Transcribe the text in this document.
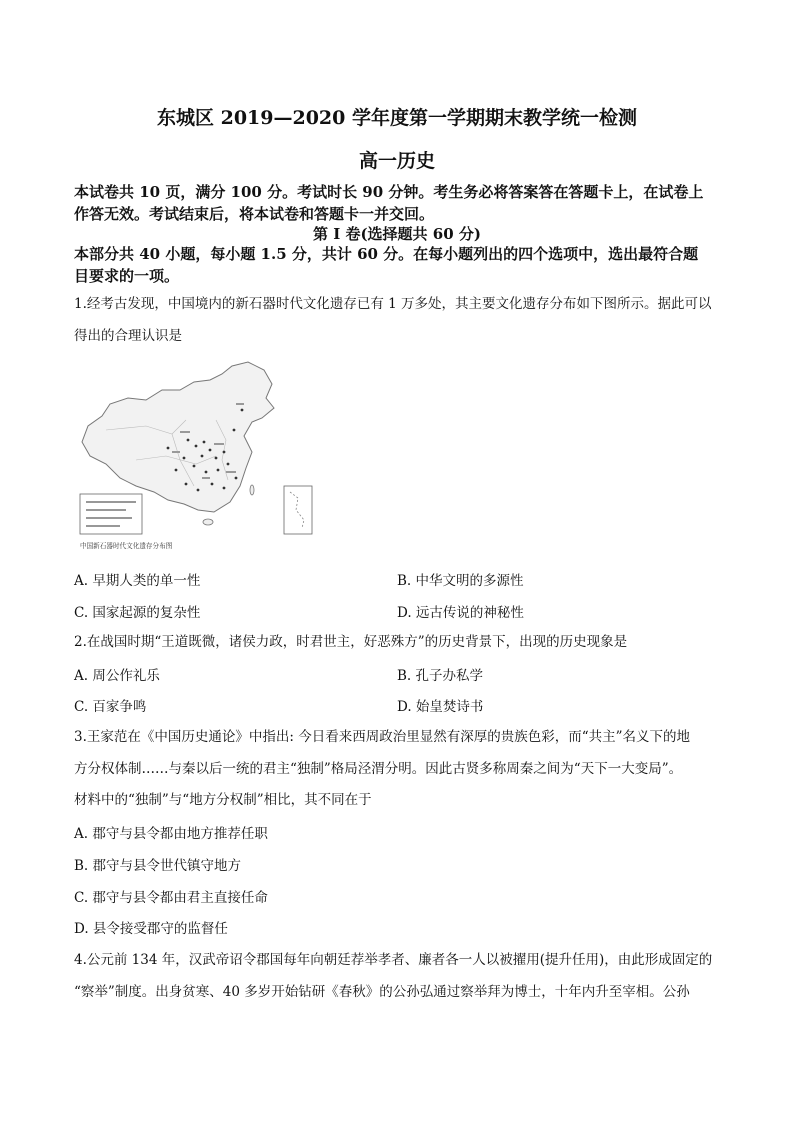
东城区 2019—2020 学年度第一学期期末教学统一检测
高一历史
本试卷共 10 页，满分 100 分。考试时长 90 分钟。考生务必将答案答在答题卡上，在试卷上
作答无效。考试结束后，将本试卷和答题卡一并交回。
第 I 卷(选择题共 60 分)
本部分共 40 小题，每小题 1.5 分，共计 60 分。在每小题列出的四个选项中，选出最符合题
目要求的一项。
1.经考古发现，中国境内的新石器时代文化遗存已有 1 万多处，其主要文化遗存分布如下图所示。据此可以
得出的合理认识是
中国新石器时代文化遗存分布图
A. 早期人类的单一性	B. 中华文明的多源性
C. 国家起源的复杂性	D. 远古传说的神秘性
2.在战国时期“王道既微，诸侯力政，时君世主，好恶殊方”的历史背景下，出现的历史现象是
A. 周公作礼乐	B. 孔子办私学
C. 百家争鸣	D. 始皇焚诗书
3.王家范在《中国历史通论》中指出: 今日看来西周政治里显然有深厚的贵族色彩，而“共主”名义下的地
方分权体制……与秦以后一统的君主“独制”格局泾渭分明。因此古贤多称周秦之间为“天下一大变局”。
材料中的“独制”与“地方分权制”相比，其不同在于
A. 郡守与县令都由地方推荐任职
B. 郡守与县令世代镇守地方
C. 郡守与县令都由君主直接任命
D. 县令接受郡守的监督任
4.公元前 134 年，汉武帝诏令郡国每年向朝廷荐举孝者、廉者各一人以被擢用(提升任用)，由此形成固定的
“察举”制度。出身贫寒、40 多岁开始钻研《春秋》的公孙弘通过察举拜为博士，十年内升至宰相。公孙
